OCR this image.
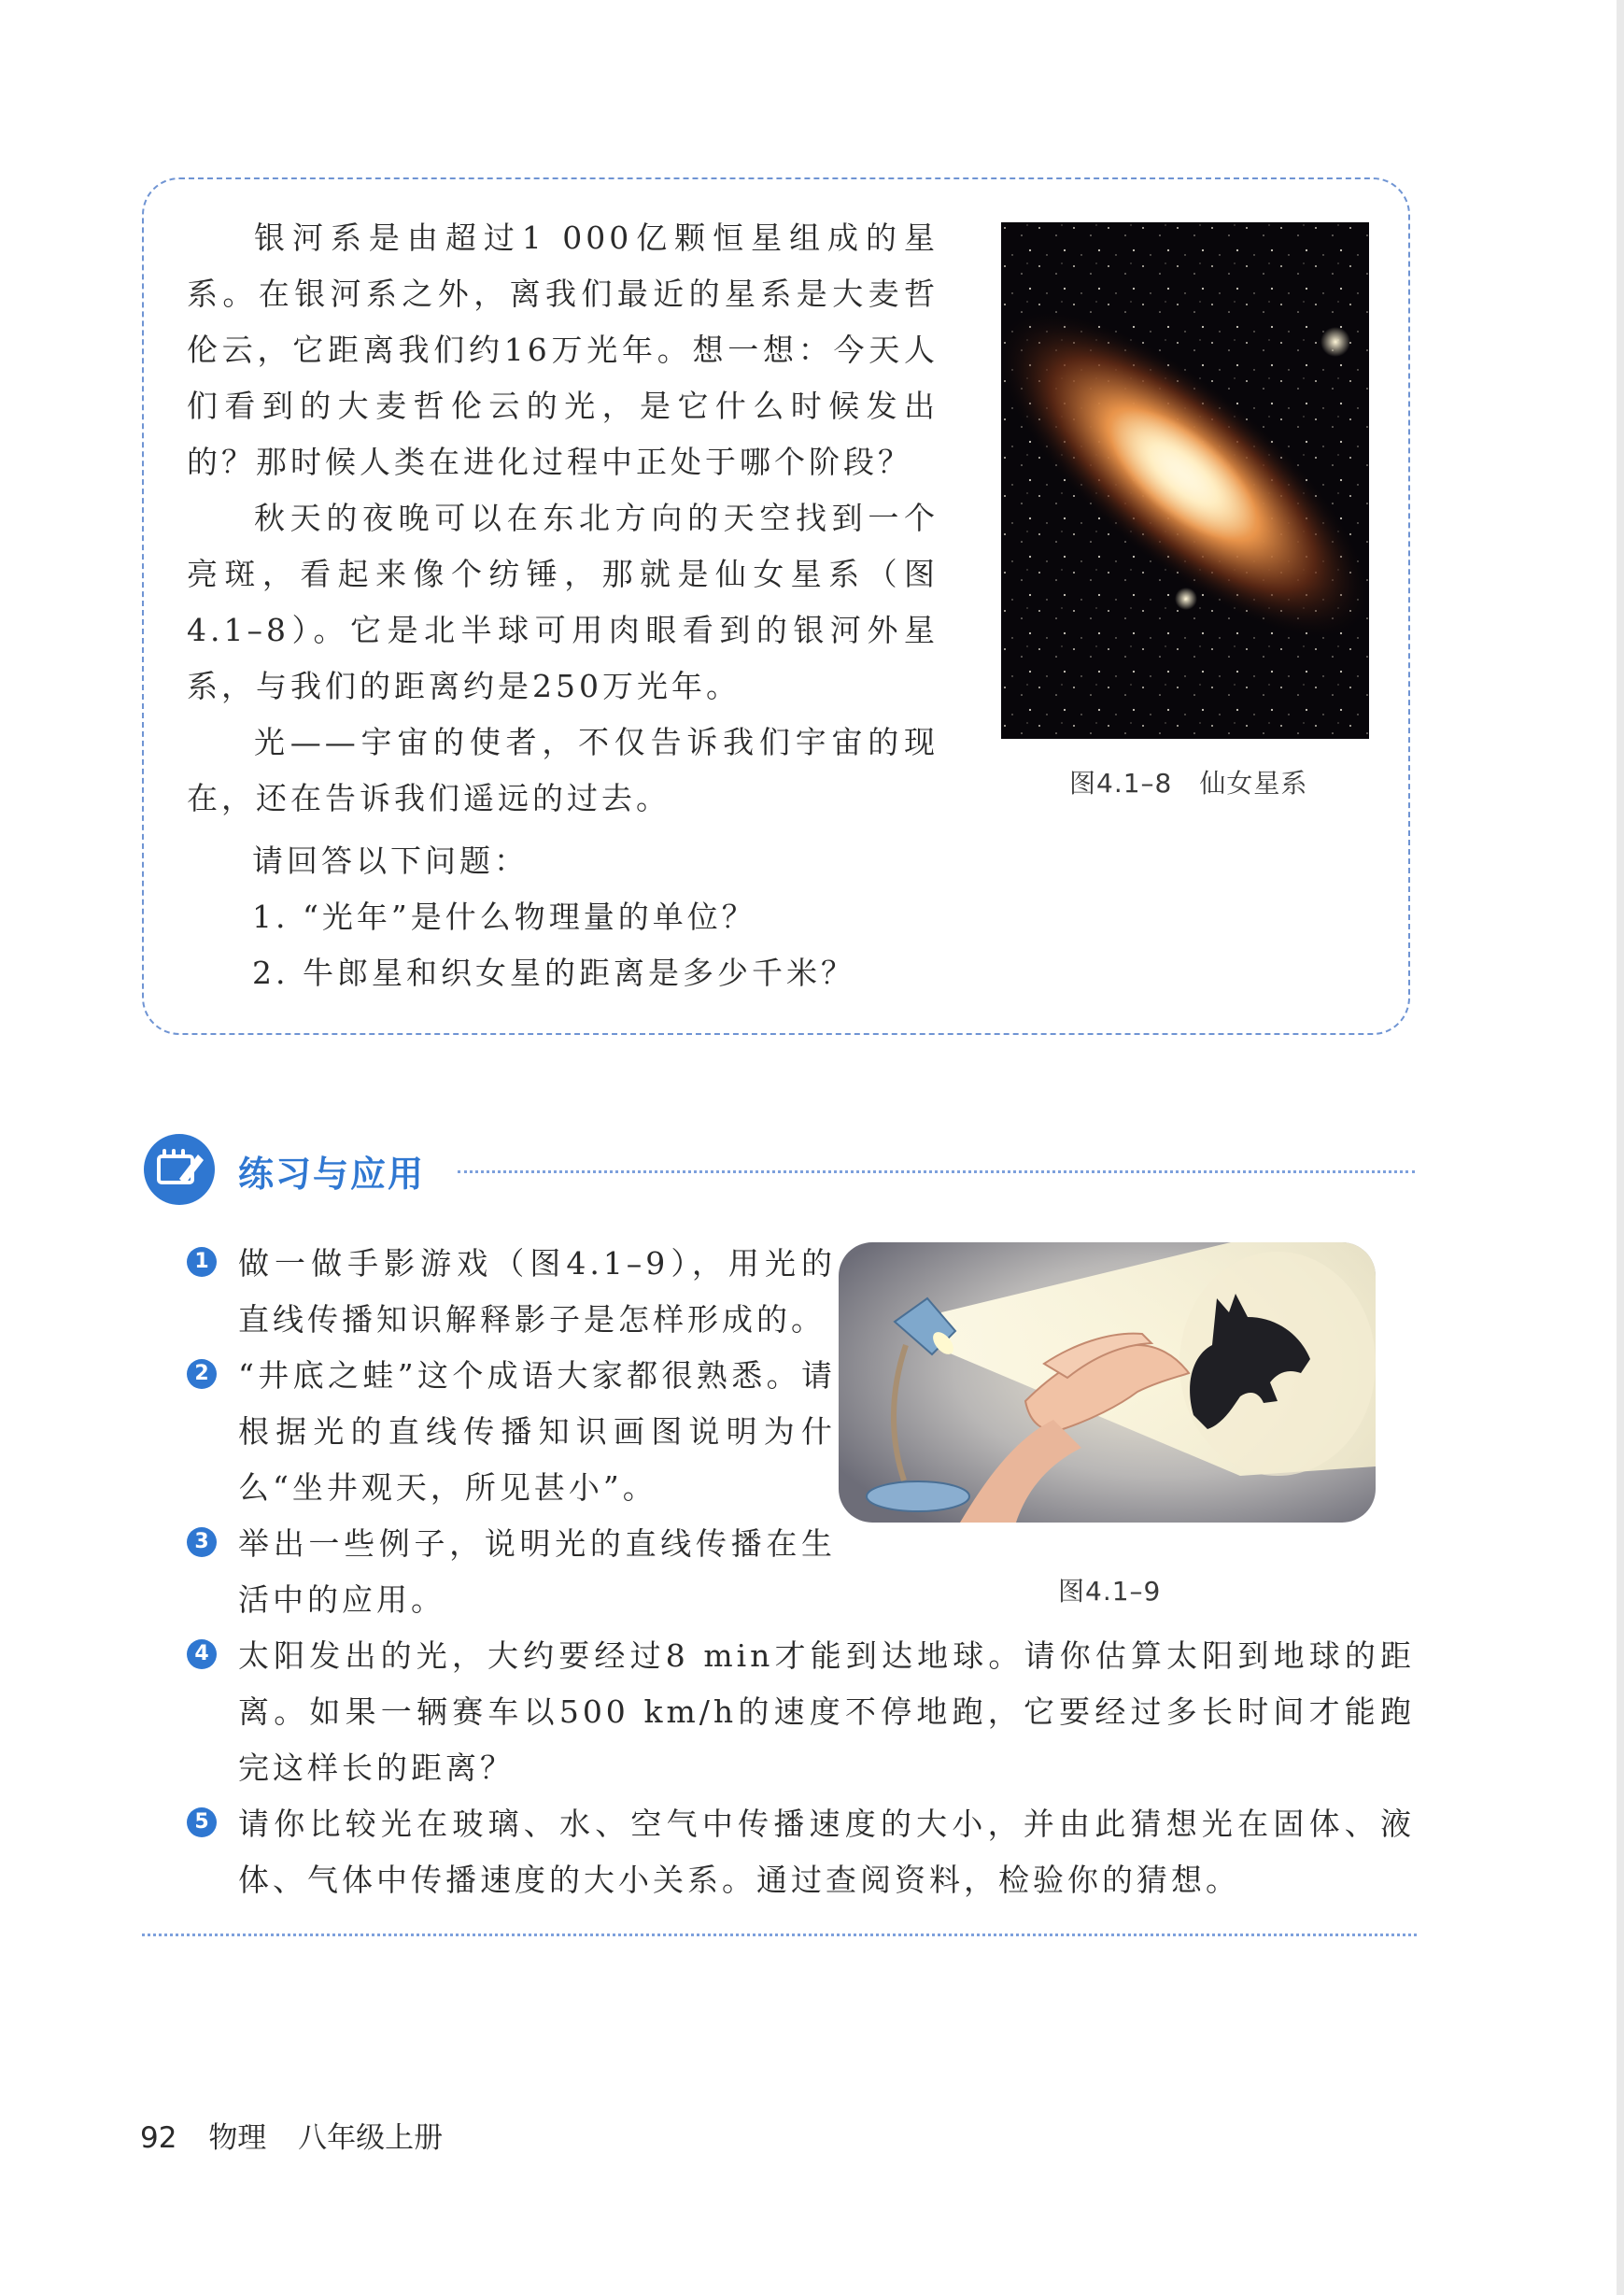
银河系是由超过1 000亿颗恒星组成的星系。在银河系之外，离我们最近的星系是大麦哲伦云，它距离我们约16万光年。想一想：今天人们看到的大麦哲伦云的光，是它什么时候发出的？那时候人类在进化过程中正处于哪个阶段？

秋天的夜晚可以在东北方向的天空找到一个亮斑，看起来像个纺锤，那就是仙女星系（图4.1–8）。它是北半球可用肉眼看到的银河外星系，与我们的距离约是250万光年。

光——宇宙的使者，不仅告诉我们宇宙的现在，还在告诉我们遥远的过去。

请回答以下问题：

1. “光年”是什么物理量的单位？

2. 牛郎星和织女星的距离是多少千米？

图4.1–8　仙女星系
练习与应用
1 做一做手影游戏（图4.1–9），用光的直线传播知识解释影子是怎样形成的。

2 “井底之蛙”这个成语大家都很熟悉。请根据光的直线传播知识画图说明为什么“坐井观天，所见甚小”。

3 举出一些例子，说明光的直线传播在生活中的应用。

4 太阳发出的光，大约要经过8 min才能到达地球。请你估算太阳到地球的距离。如果一辆赛车以500 km/h的速度不停地跑，它要经过多长时间才能跑完这样长的距离？

5 请你比较光在玻璃、水、空气中传播速度的大小，并由此猜想光在固体、液体、气体中传播速度的大小关系。通过查阅资料，检验你的猜想。

图4.1–9
92 物理 八年级上册
